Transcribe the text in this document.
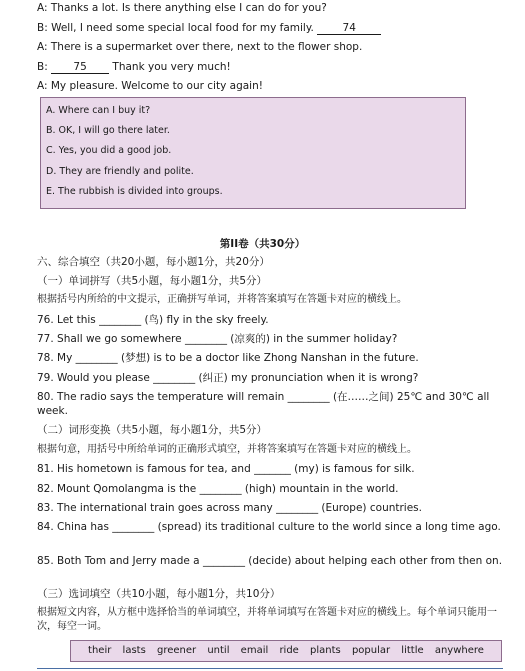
A: Thanks a lot. Is there anything else I can do for you?
B: Well, I need some special local food for my family. 74
A: There is a supermarket over there, next to the flower shop.
B: 75 Thank you very much!
A: My pleasure. Welcome to our city again!
A. Where can I buy it?
B. OK, I will go there later.
C. Yes, you did a good job.
D. They are friendly and polite.
E. The rubbish is divided into groups.
第II卷（共30分）
六、综合填空（共20小题，每小题1分，共20分）
（一）单词拼写（共5小题，每小题1分，共5分）
根据括号内所给的中文提示，正确拼写单词，并将答案填写在答题卡对应的横线上。
76. Let this ________ (鸟) fly in the sky freely.
77. Shall we go somewhere ________ (凉爽的) in the summer holiday?
78. My ________ (梦想) is to be a doctor like Zhong Nanshan in the future.
79. Would you please ________ (纠正) my pronunciation when it is wrong?
80. The radio says the temperature will remain ________ (在……之间) 25℃ and 30℃ all week.
（二）词形变换（共5小题，每小题1分，共5分）
根据句意，用括号中所给单词的正确形式填空，并将答案填写在答题卡对应的横线上。
81. His hometown is famous for tea, and _______ (my) is famous for silk.
82. Mount Qomolangma is the ________ (high) mountain in the world.
83. The international train goes across many ________ (Europe) countries.
84. China has ________ (spread) its traditional culture to the world since a long time ago.
85. Both Tom and Jerry made a ________ (decide) about helping each other from then on.
（三）选词填空（共10小题，每小题1分，共10分）
根据短文内容，从方框中选择恰当的单词填空，并将单词填写在答题卡对应的横线上。每个单词只能用一次，每空一词。
their lasts greener until email ride plants popular little anywhere
